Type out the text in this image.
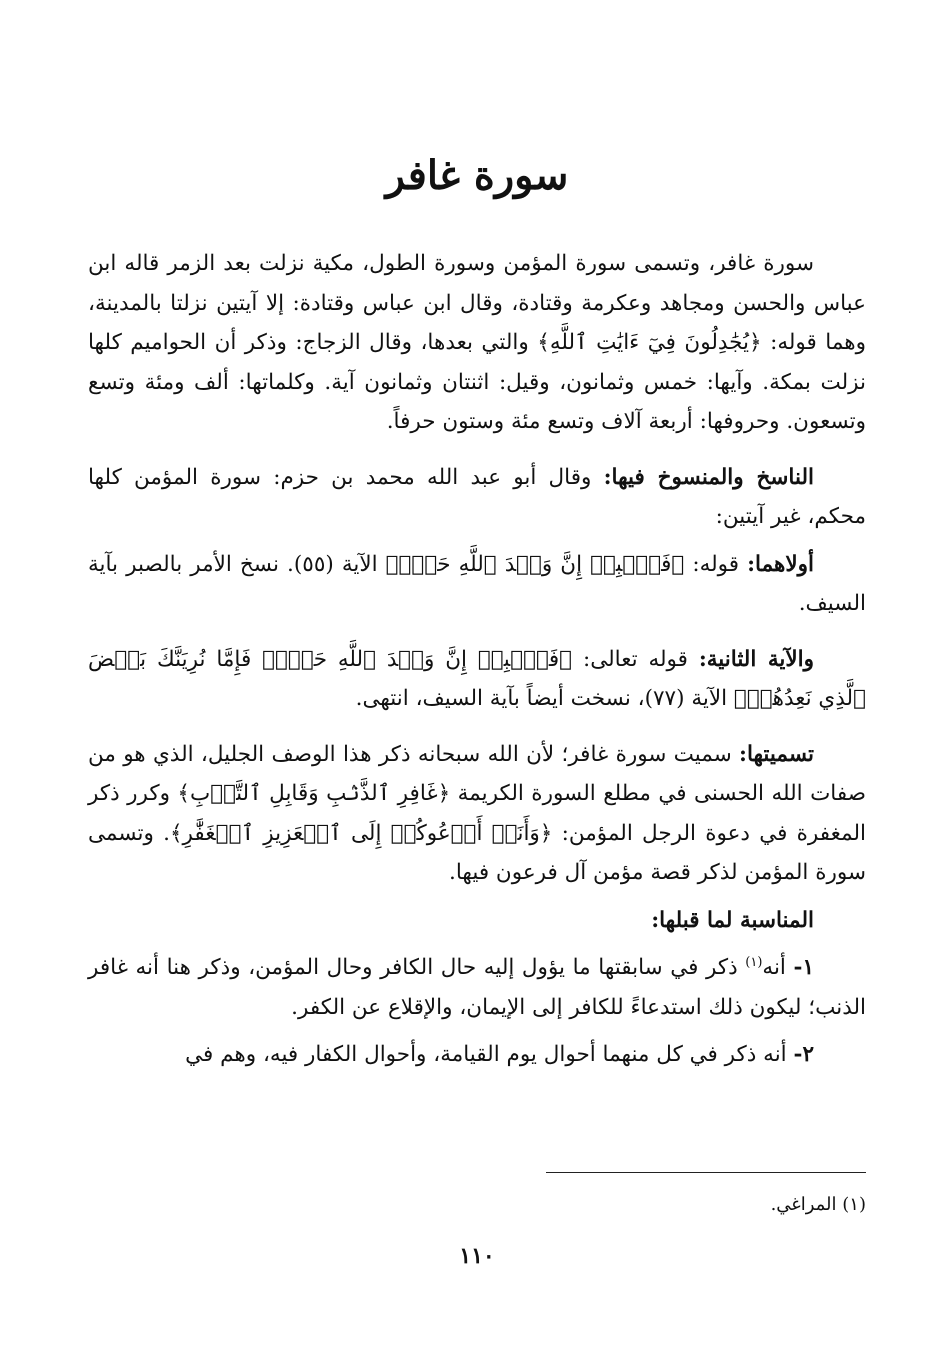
سورة غافر

سورة غافر، وتسمى سورة المؤمن وسورة الطول، مكية نزلت بعد الزمر قاله ابن عباس والحسن ومجاهد وعكرمة وقتادة، وقال ابن عباس وقتادة: إلا آيتين نزلتا بالمدينة، وهما قوله: ﴿يُجَٰدِلُونَ فِيٓ ءَايَٰتِ ٱللَّهِ﴾ والتي بعدها، وقال الزجاج: وذكر أن الحواميم كلها نزلت بمكة. وآيها: خمس وثمانون، وقيل: اثنتان وثمانون آية. وكلماتها: ألف ومئة وتسع وتسعون. وحروفها: أربعة آلاف وتسع مئة وستون حرفاً.

الناسخ والمنسوخ فيها: وقال أبو عبد الله محمد بن حزم: سورة المؤمن كلها محكم، غير آيتين:

أولاهما: قوله: ﴿فَٱصۡبِرۡ إِنَّ وَعۡدَ ٱللَّهِ حَقّٞ﴾ الآية (٥٥). نسخ الأمر بالصبر بآية السيف.

والآية الثانية: قوله تعالى: ﴿فَٱصۡبِرۡ إِنَّ وَعۡدَ ٱللَّهِ حَقّٞۚ فَإِمَّا نُرِيَنَّكَ بَعۡضَ ٱلَّذِي نَعِدُهُمۡ﴾ الآية (٧٧)، نسخت أيضاً بآية السيف، انتهى.

تسميتها: سميت سورة غافر؛ لأن الله سبحانه ذكر هذا الوصف الجليل، الذي هو من صفات الله الحسنى في مطلع السورة الكريمة ﴿غَافِرِ ٱلذَّنۢبِ وَقَابِلِ ٱلتَّوۡبِ﴾ وكرر ذكر المغفرة في دعوة الرجل المؤمن: ﴿وَأَنَا۠ أَدۡعُوكُمۡ إِلَى ٱلۡعَزِيزِ ٱلۡغَفَّٰرِ﴾. وتسمى سورة المؤمن لذكر قصة مؤمن آل فرعون فيها.

المناسبة لما قبلها:

١- أنه$^{(١)}$ ذكر في سابقتها ما يؤول إليه حال الكافر وحال المؤمن، وذكر هنا أنه غافر الذنب؛ ليكون ذلك استدعاءً للكافر إلى الإيمان، والإقلاع عن الكفر.

٢- أنه ذكر في كل منهما أحوال يوم القيامة، وأحوال الكفار فيه، وهم في

(١) المراغي.
١١٠
